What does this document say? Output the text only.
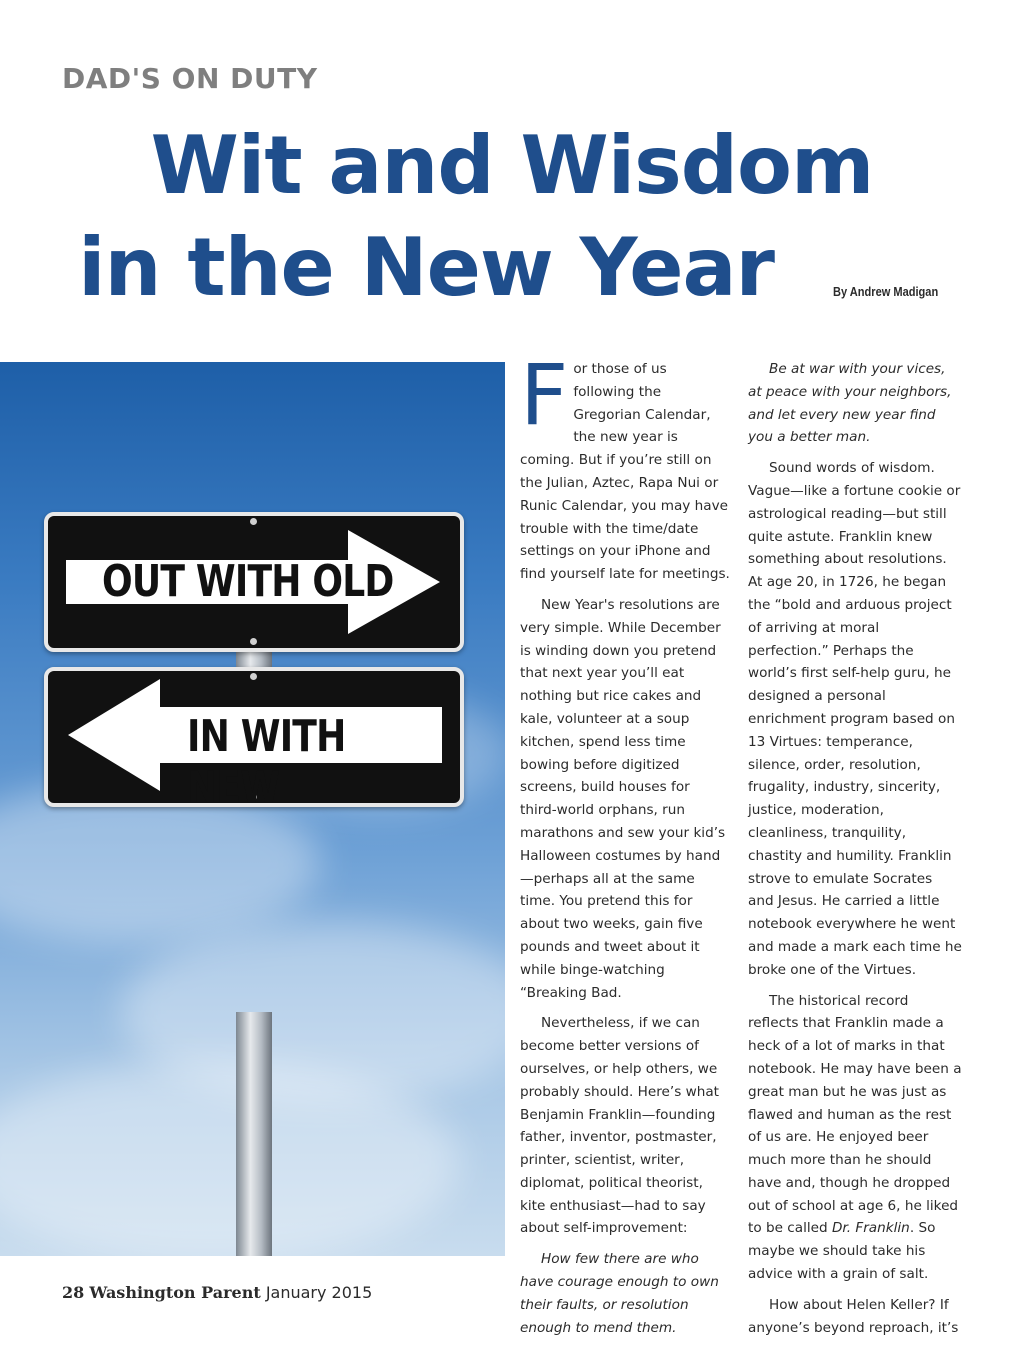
DAD'S ON DUTY
Wit and Wisdom
in the New Year	By Andrew Madigan
OUT WITH OLD
IN WITH NEW

For those of us following the Gregorian Calendar, the new year is coming. But if you’re still on the Julian, Aztec, Rapa Nui or Runic Calendar, you may have trouble with the time/date settings on your iPhone and find yourself late for meetings.

New Year's resolutions are very simple. While December is winding down you pretend that next year you’ll eat nothing but rice cakes and kale, volunteer at a soup kitchen, spend less time bowing before digitized screens, build houses for third-world orphans, run marathons and sew your kid’s Halloween costumes by hand—perhaps all at the same time. You pretend this for about two weeks, gain five pounds and tweet about it while binge-watching “Breaking Bad.

Nevertheless, if we can become better versions of ourselves, or help others, we probably should. Here’s what Benjamin Franklin—founding father, inventor, postmaster, printer, scientist, writer, diplomat, political theorist, kite enthusiast—had to say about self-improvement:

How few there are who have courage enough to own their faults, or resolution enough to mend them.

Be at war with your vices, at peace with your neighbors, and let every new year find you a better man.

Sound words of wisdom. Vague—like a fortune cookie or astrological reading—but still quite astute. Franklin knew something about resolutions. At age 20, in 1726, he began the “bold and arduous project of arriving at moral perfection.” Perhaps the world’s first self-help guru, he designed a personal enrichment program based on 13 Virtues: temperance, silence, order, resolution, frugality, industry, sincerity, justice, moderation, cleanliness, tranquility, chastity and humility. Franklin strove to emulate Socrates and Jesus. He carried a little notebook everywhere he went and made a mark each time he broke one of the Virtues.

The historical record reflects that Franklin made a heck of a lot of marks in that notebook. He may have been a great man but he was just as flawed and human as the rest of us are. He enjoyed beer much more than he should have and, though he dropped out of school at age 6, he liked to be called Dr. Franklin. So maybe we should take his advice with a grain of salt.

How about Helen Keller? If anyone’s beyond reproach, it’s

28 Washington Parent January 2015
